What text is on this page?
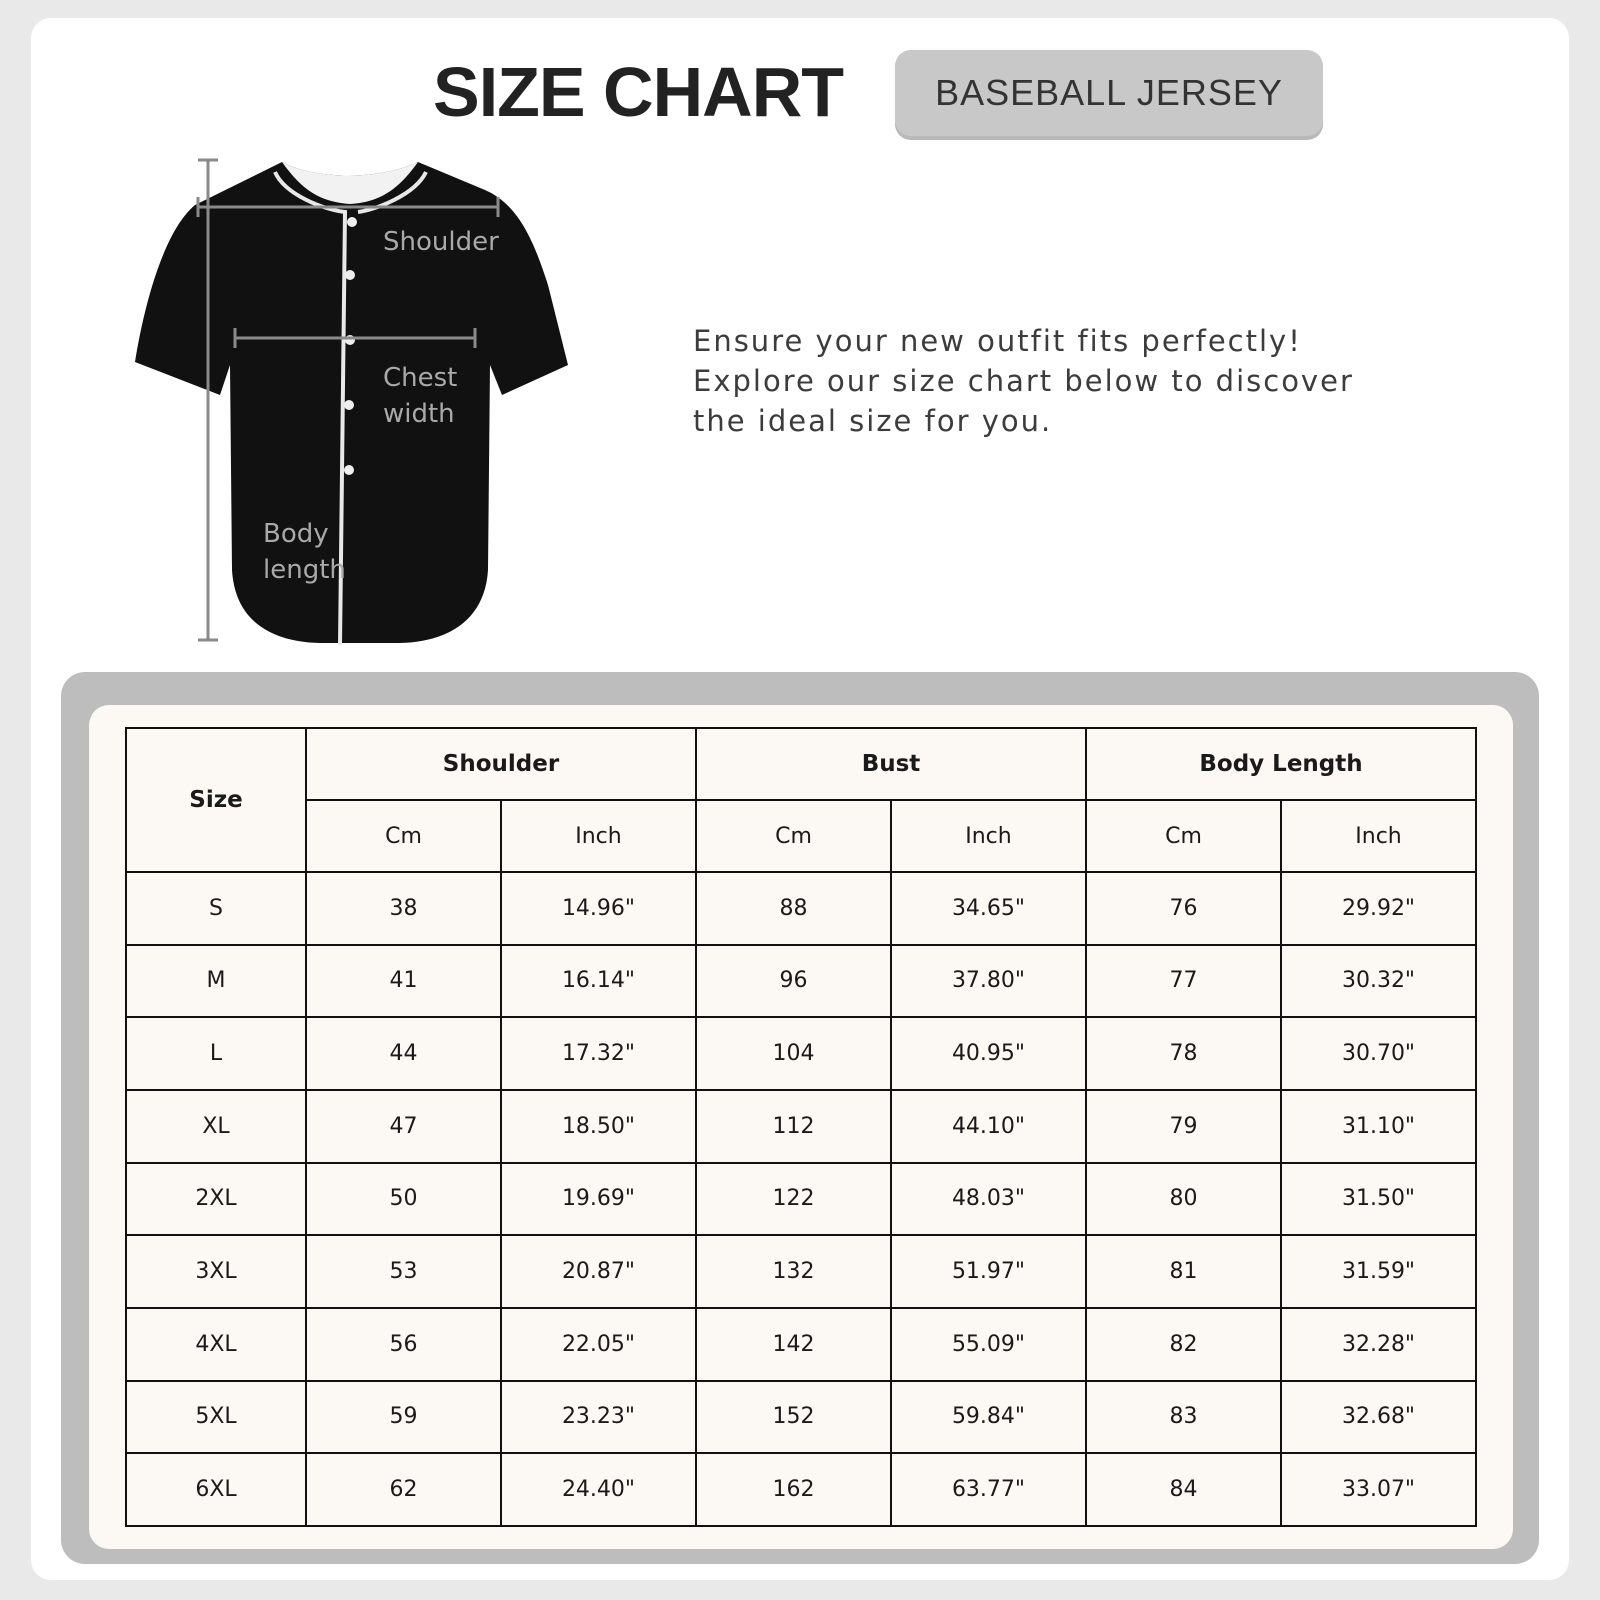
SIZE CHART	BASEBALL JERSEY
Ensure your new outfit fits perfectly!
Explore our size chart below to discover
the ideal size for you.
Shoulder
Chest
width
Body
length
Size	Shoulder		Bust		Body Length	
	Cm	Inch	Cm	Inch	Cm	Inch
S	38	14.96"	88	34.65"	76	29.92"
M	41	16.14"	96	37.80"	77	30.32"
L	44	17.32"	104	40.95"	78	30.70"
XL	47	18.50"	112	44.10"	79	31.10"
2XL	50	19.69"	122	48.03"	80	31.50"
3XL	53	20.87"	132	51.97"	81	31.59"
4XL	56	22.05"	142	55.09"	82	32.28"
5XL	59	23.23"	152	59.84"	83	32.68"
6XL	62	24.40"	162	63.77"	84	33.07"
